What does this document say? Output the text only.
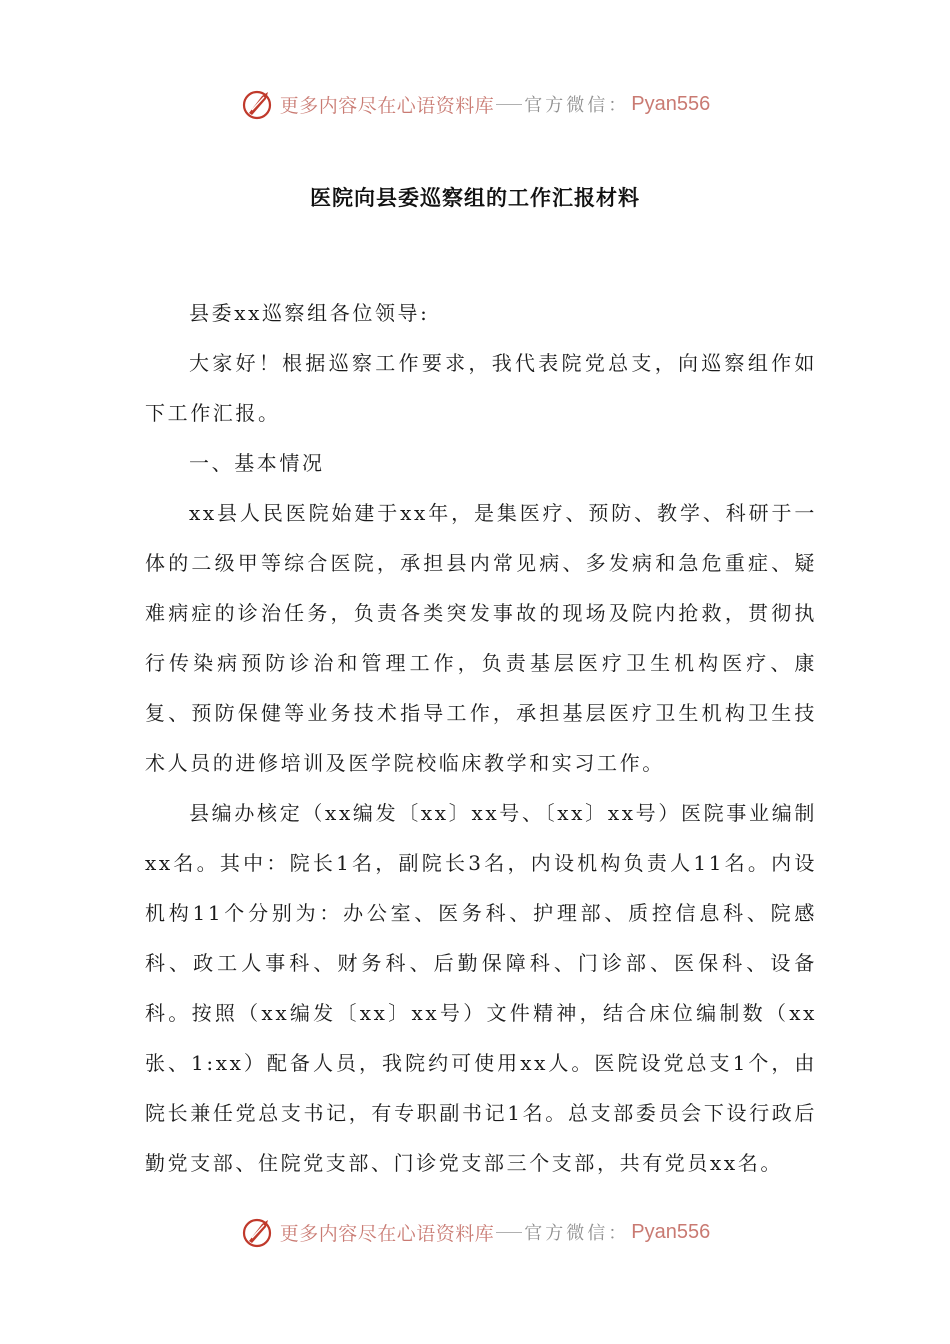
更多内容尽在心语资料库 官方微信： Pyan556
医院向县委巡察组的工作汇报材料

县委xx巡察组各位领导:

大家好！根据巡察工作要求，我代表院党总支，向巡察组作如下工作汇报。

一、基本情况

xx县人民医院始建于xx年，是集医疗、预防、教学、科研于一体的二级甲等综合医院，承担县内常见病、多发病和急危重症、疑难病症的诊治任务，负责各类突发事故的现场及院内抢救，贯彻执行传染病预防诊治和管理工作，负责基层医疗卫生机构医疗、康复、预防保健等业务技术指导工作，承担基层医疗卫生机构卫生技术人员的进修培训及医学院校临床教学和实习工作。

县编办核定（xx编发〔xx〕xx号、〔xx〕xx号）医院事业编制xx名。其中：院长1名，副院长3名，内设机构负责人11名。内设机构11个分别为：办公室、医务科、护理部、质控信息科、院感科、政工人事科、财务科、后勤保障科、门诊部、医保科、设备科。按照（xx编发〔xx〕xx号）文件精神，结合床位编制数（xx张、1:xx）配备人员，我院约可使用xx人。医院设党总支1个，由院长兼任党总支书记，有专职副书记1名。总支部委员会下设行政后勤党支部、住院党支部、门诊党支部三个支部，共有党员xx名。

更多内容尽在心语资料库 官方微信： Pyan556
